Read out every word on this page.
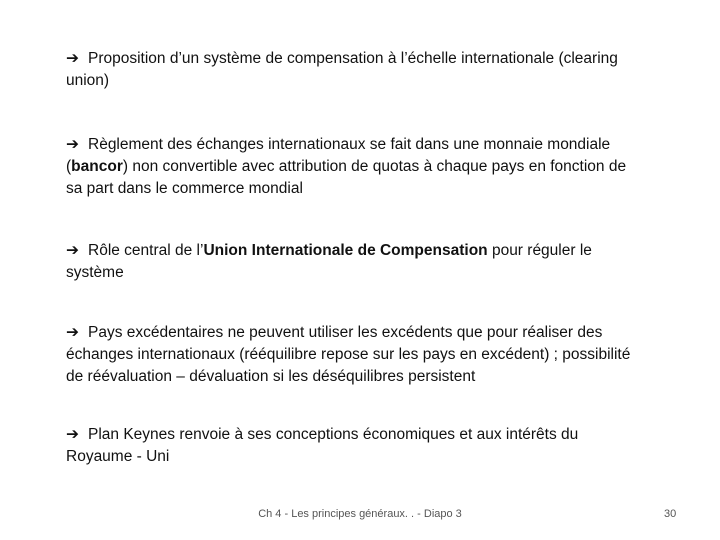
➔ Proposition d’un système de compensation à l’échelle internationale (clearing union)
➔ Règlement des échanges internationaux se fait dans une monnaie mondiale (bancor) non convertible avec attribution de quotas à chaque pays en fonction de sa part dans le commerce mondial
➔ Rôle central de l’Union Internationale de Compensation pour réguler le système
➔ Pays excédentaires ne peuvent utiliser les excédents que pour réaliser des échanges internationaux (rééquilibre repose sur les pays en excédent) ; possibilité de réévaluation – dévaluation si les déséquilibres persistent
➔ Plan Keynes renvoie à ses conceptions économiques et aux intérêts du Royaume - Uni
Ch 4 - Les principes généraux. . - Diapo 3	30
